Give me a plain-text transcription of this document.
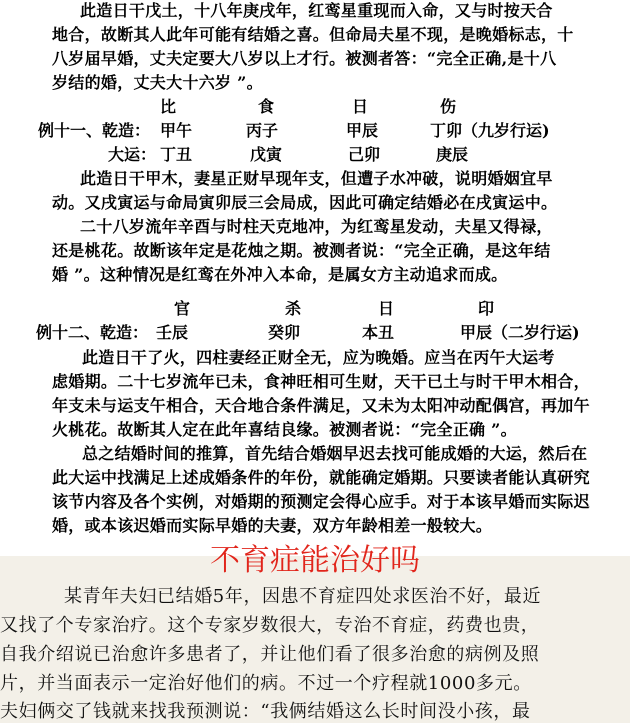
此造日干戊土，十八年庚戌年，红鸾星重现而入命，又与时按天合
地合，故断其人此年可能有结婚之喜。但命局夫星不现，是晚婚标志，十
八岁届早婚，丈夫定要大八岁以上才行。被测者答：“完全正确,是十八
岁结的婚，丈夫大十六岁 ”。
比	食	日	伤
例十一、乾造： 甲午	丙子	甲辰	丁卯（九岁行运)
大运： 丁丑	戊寅	己卯	庚辰
此造日干甲木，妻星正财早现年支，但遭子水冲破，说明婚姻宜早
动。又戌寅运与命局寅卯辰三会局成，因此可确定结婚必在戌寅运中。
二十八岁流年辛酉与时柱天克地冲，为红鸾星发动，夫星又得禄，
还是桃花。故断该年定是花烛之期。被测者说：“完全正确，是这年结
婚 ”。这种情况是红鸾在外冲入本命，是属女方主动追求而成。
官	杀	日	印
例十二、乾造： 壬辰	癸卯	本丑	甲辰（二岁行运)
此造日干了火，四柱妻经正财全无，应为晚婚。应当在丙午大运考
虑婚期。二十七岁流年已未，食神旺相可生财，天干已土与时干甲木相合，
年支未与运支午相合，天合地合条件满足，又未为太阳冲动配偶宫，再加午
火桃花。故断其人定在此年喜结良缘。被测者说：“完全正确 ”。
总之结婚时间的推算，首先结合婚姻早迟去找可能成婚的大运，然后在
此大运中找满足上述成婚条件的年份，就能确定婚期。只要读者能认真研究
该节内容及各个实例，对婚期的预测定会得心应手。对于本该早婚而实际迟
婚，或本该迟婚而实际早婚的夫妻，双方年龄相差一般较大。
不育症能治好吗
某青年夫妇已结婚5年，因患不育症四处求医治不好，最近
又找了个专家治疗。这个专家岁数很大，专治不育症，药费也贵，
自我介绍说已治愈许多患者了，并让他们看了很多治愈的病例及照
片，并当面表示一定治好他们的病。不过一个疗程就1000多元。
夫妇俩交了钱就来找我预测说：“我俩结婚这么长时间没小孩，最
